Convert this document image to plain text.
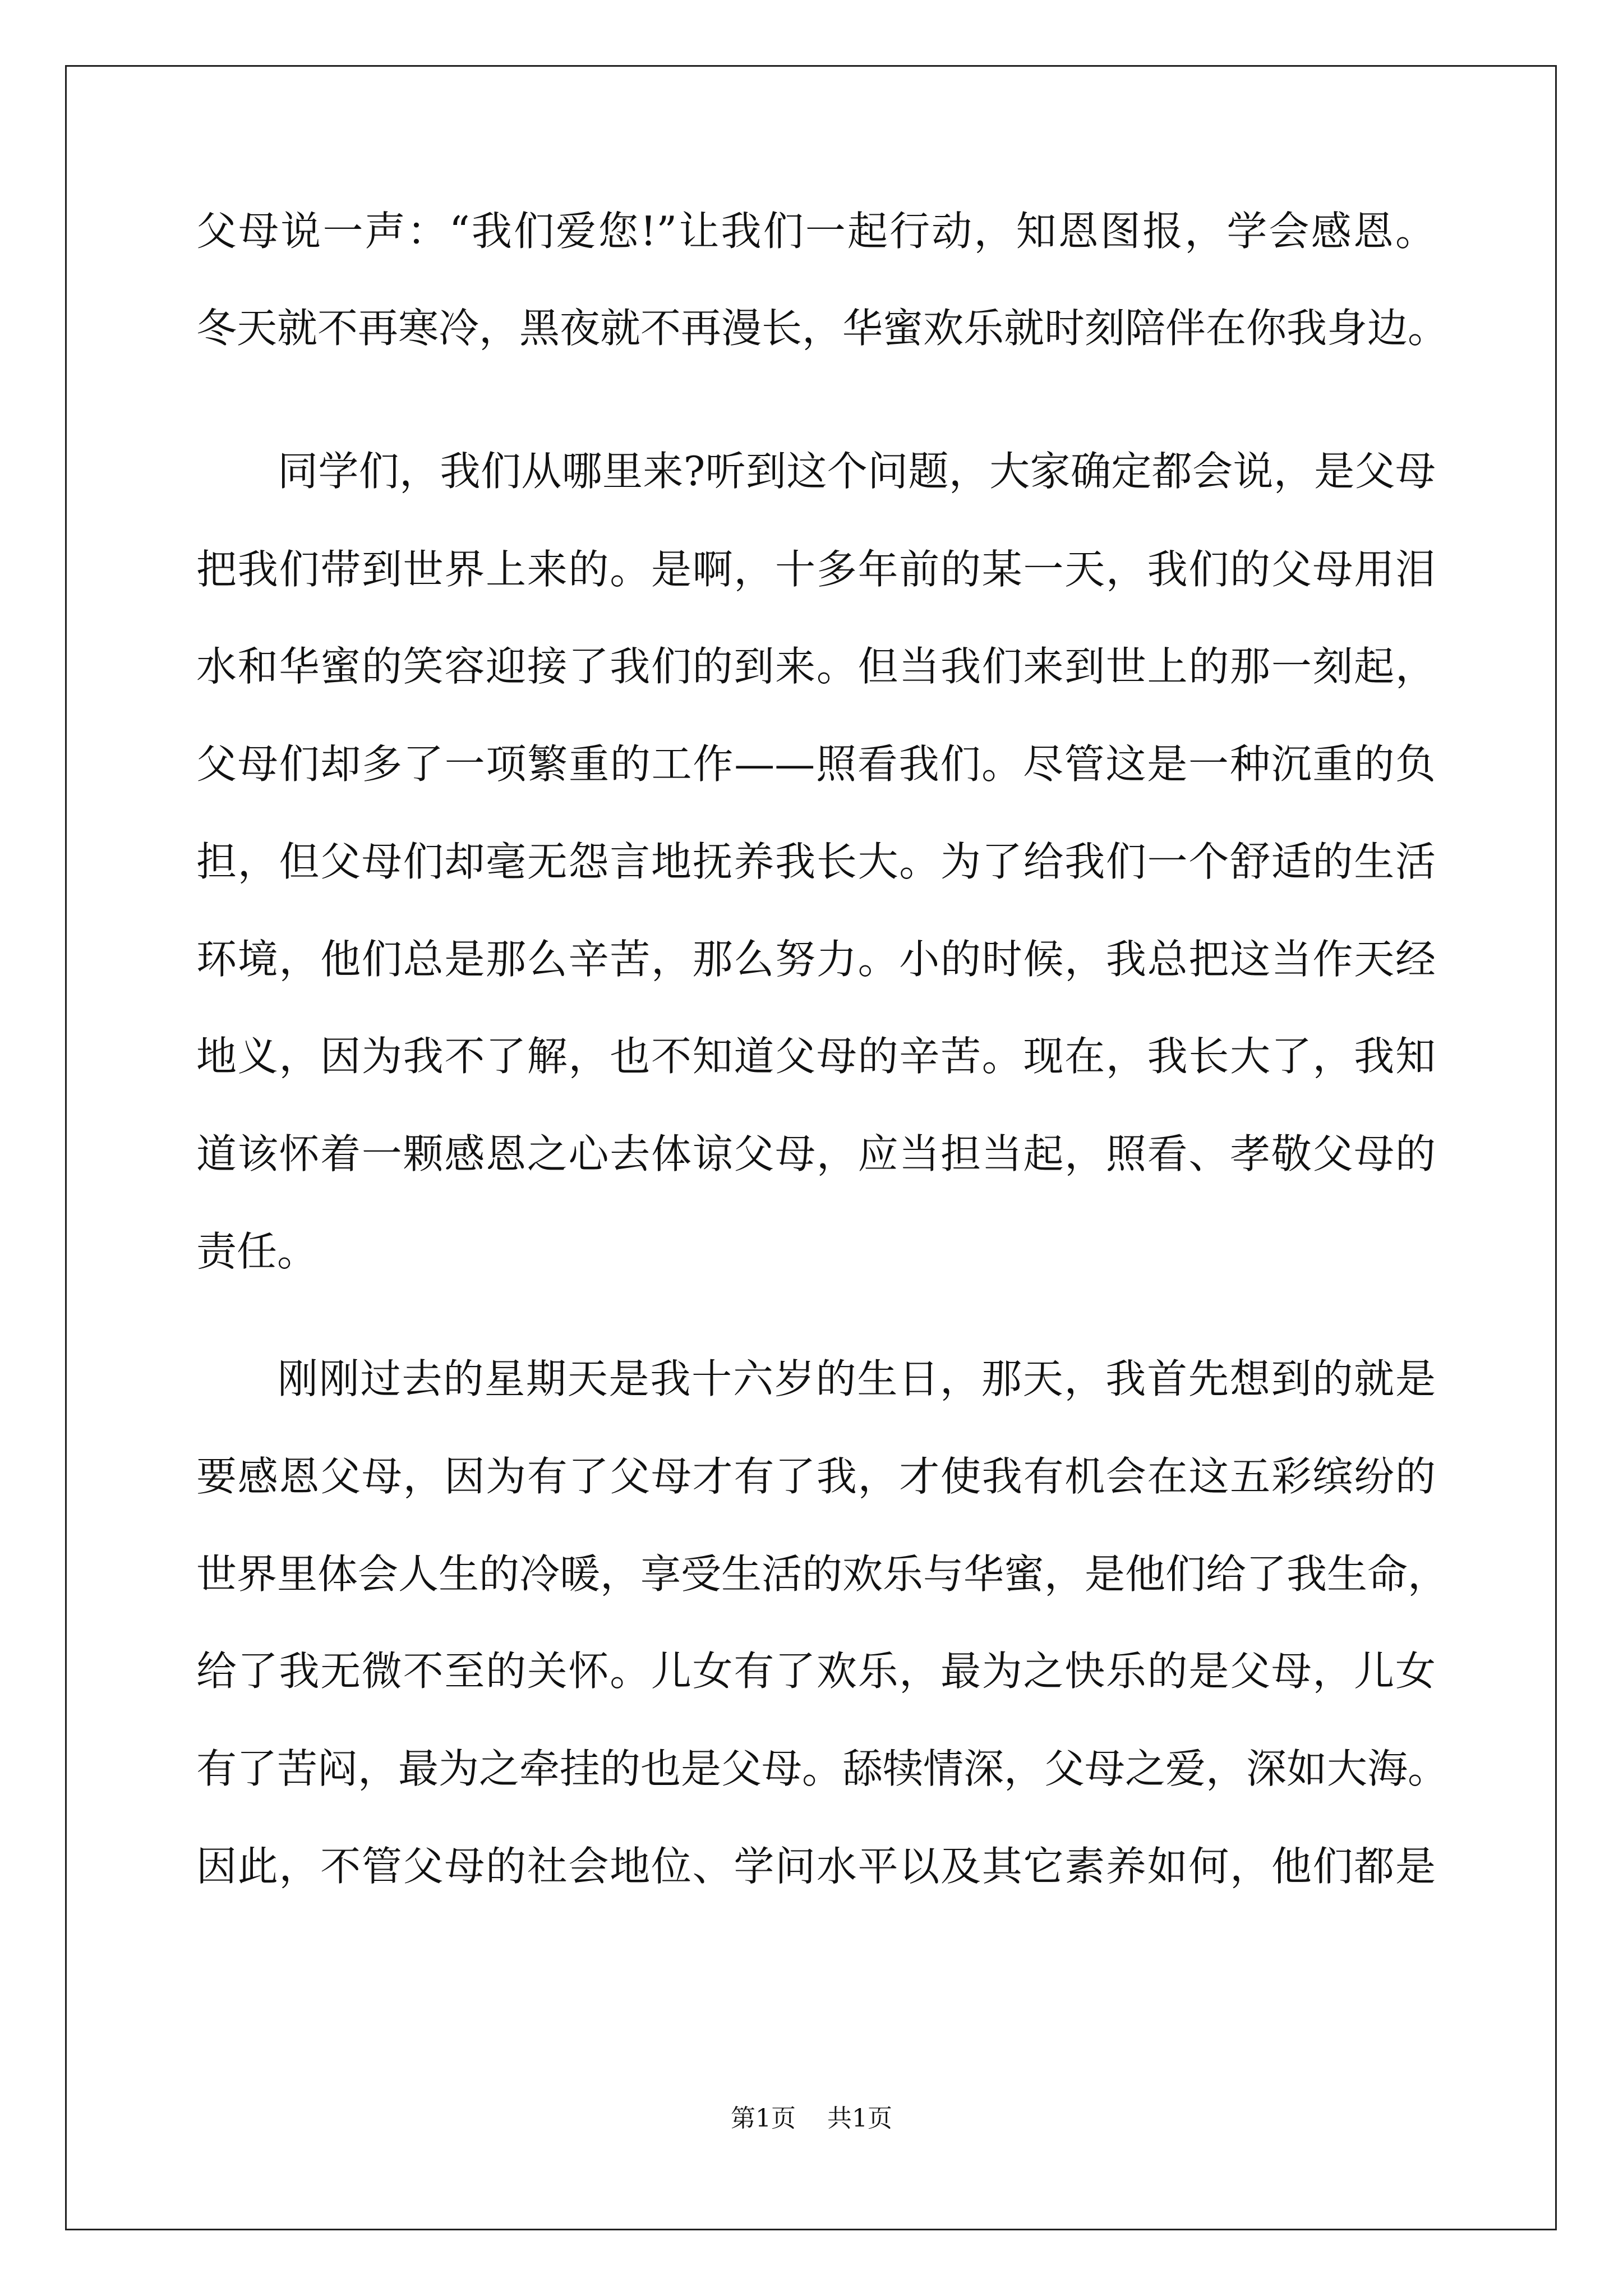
父母说一声：“我们爱您!”让我们一起行动，知恩图报，学会感恩。
冬天就不再寒冷，黑夜就不再漫长，华蜜欢乐就时刻陪伴在你我身边。
同学们，我们从哪里来?听到这个问题，大家确定都会说，是父母
把我们带到世界上来的。是啊，十多年前的某一天，我们的父母用泪
水和华蜜的笑容迎接了我们的到来。但当我们来到世上的那一刻起，
父母们却多了一项繁重的工作——照看我们。尽管这是一种沉重的负
担，但父母们却毫无怨言地抚养我长大。为了给我们一个舒适的生活
环境，他们总是那么辛苦，那么努力。小的时候，我总把这当作天经
地义，因为我不了解，也不知道父母的辛苦。现在，我长大了，我知
道该怀着一颗感恩之心去体谅父母，应当担当起，照看、孝敬父母的
责任。
刚刚过去的星期天是我十六岁的生日，那天，我首先想到的就是
要感恩父母，因为有了父母才有了我，才使我有机会在这五彩缤纷的
世界里体会人生的冷暖，享受生活的欢乐与华蜜，是他们给了我生命，
给了我无微不至的关怀。儿女有了欢乐，最为之快乐的是父母，儿女
有了苦闷，最为之牵挂的也是父母。舔犊情深，父母之爱，深如大海。
因此，不管父母的社会地位、学问水平以及其它素养如何，他们都是
第1页 共1页
